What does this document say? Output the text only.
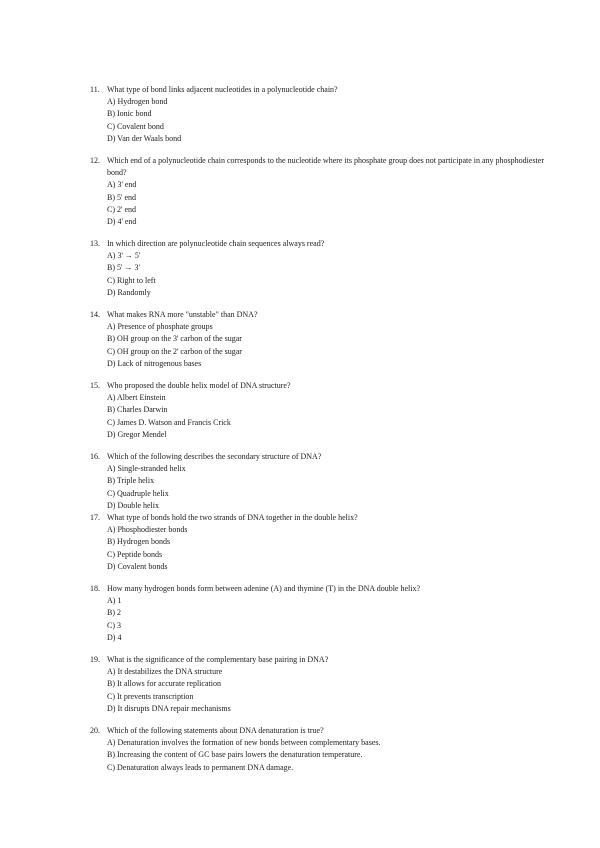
11. What type of bond links adjacent nucleotides in a polynucleotide chain?
A) Hydrogen bond
B) Ionic bond
C) Covalent bond
D) Van der Waals bond
12. Which end of a polynucleotide chain corresponds to the nucleotide where its phosphate group does not participate in any phosphodiester bond?
A) 3' end
B) 5' end
C) 2' end
D) 4' end
13. In which direction are polynucleotide chain sequences always read?
A) 3' → 5'
B) 5' → 3'
C) Right to left
D) Randomly
14. What makes RNA more "unstable" than DNA?
A) Presence of phosphate groups
B) OH group on the 3' carbon of the sugar
C) OH group on the 2' carbon of the sugar
D) Lack of nitrogenous bases
15. Who proposed the double helix model of DNA structure?
A) Albert Einstein
B) Charles Darwin
C) James D. Watson and Francis Crick
D) Gregor Mendel
16. Which of the following describes the secondary structure of DNA?
A) Single-stranded helix
B) Triple helix
C) Quadruple helix
D) Double helix
17. What type of bonds hold the two strands of DNA together in the double helix?
A) Phosphodiester bonds
B) Hydrogen bonds
C) Peptide bonds
D) Covalent bonds
18. How many hydrogen bonds form between adenine (A) and thymine (T) in the DNA double helix?
A) 1
B) 2
C) 3
D) 4
19. What is the significance of the complementary base pairing in DNA?
A) It destabilizes the DNA structure
B) It allows for accurate replication
C) It prevents transcription
D) It disrupts DNA repair mechanisms
20. Which of the following statements about DNA denaturation is true?
A) Denaturation involves the formation of new bonds between complementary bases.
B) Increasing the content of GC base pairs lowers the denaturation temperature.
C) Denaturation always leads to permanent DNA damage.
